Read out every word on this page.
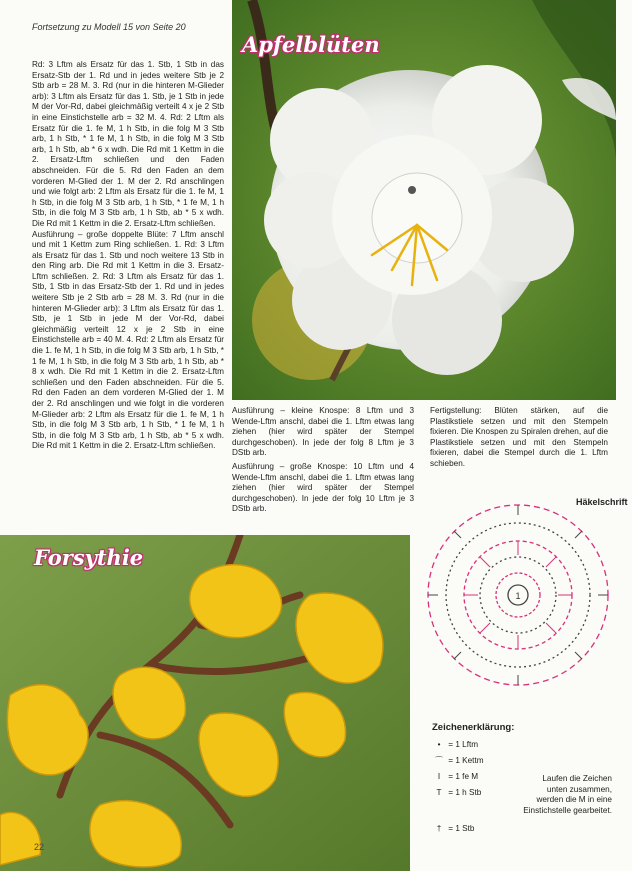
Fortsetzung zu Modell 15 von Seite 20
Rd: 3 Lftm als Ersatz für das 1. Stb, 1 Stb in das Ersatz-Stb der 1. Rd und in jedes weitere Stb je 2 Stb arb = 28 M. 3. Rd (nur in die hinteren M-Glieder arb): 3 Lftm als Ersatz für das 1. Stb, je 1 Stb in jede M der Vor-Rd, dabei gleichmäßig verteilt 4 x je 2 Stb in eine Einstichstelle arb = 32 M. 4. Rd: 2 Lftm als Ersatz für die 1. fe M, 1 h Stb, in die folg M 3 Stb arb, 1 h Stb, * 1 fe M, 1 h Stb, in die folg M 3 Stb arb, 1 h Stb, ab * 6 x wdh. Die Rd mit 1 Kettm in die 2. Ersatz-Lftm schließen und den Faden abschneiden. Für die 5. Rd den Faden an dem vorderen M-Glied der 1. M der 2. Rd anschlingen und wie folgt arb: 2 Lftm als Ersatz für die 1. fe M, 1 h Stb, in die folg M 3 Stb arb, 1 h Stb, * 1 fe M, 1 h Stb, in die folg M 3 Stb arb, 1 h Stb, ab * 5 x wdh. Die Rd mit 1 Kettm in die 2. Ersatz-Lftm schließen.
Ausführung – große doppelte Blüte: 7 Lftm anschl und mit 1 Kettm zum Ring schließen. 1. Rd: 3 Lftm als Ersatz für das 1. Stb und noch weitere 13 Stb in den Ring arb. Die Rd mit 1 Kettm in die 3. Ersatz-Lftm schließen. 2. Rd: 3 Lftm als Ersatz für das 1. Stb, 1 Stb in das Ersatz-Stb der 1. Rd und in jedes weitere Stb je 2 Stb arb = 28 M. 3. Rd (nur in die hinteren M-Glieder arb): 3 Lftm als Ersatz für das 1. Stb, je 1 Stb in jede M der Vor-Rd, dabei gleichmäßig verteilt 12 x je 2 Stb in eine Einstichstelle arb = 40 M. 4. Rd: 2 Lftm als Ersatz für die 1. fe M, 1 h Stb, in die folg M 3 Stb arb, 1 h Stb, * 1 fe M, 1 h Stb, in die folg M 3 Stb arb, 1 h Stb, ab * 8 x wdh. Die Rd mit 1 Kettm in die 2. Ersatz-Lftm schließen und den Faden abschneiden. Für die 5. Rd den Faden an dem vorderen M-Glied der 1. M der 2. Rd anschlingen und wie folgt in die vorderen M-Glieder arb: 2 Lftm als Ersatz für die 1. fe M, 1 h Stb, in die folg M 3 Stb arb, 1 h Stb, * 1 fe M, 1 h Stb, in die folg M 3 Stb arb, 1 h Stb, ab * 5 x wdh. Die Rd mit 1 Kettm in die 2. Ersatz-Lftm schließen.
Apfelblüten
Ausführung – kleine Knospe: 8 Lftm und 3 Wende-Lftm anschl, dabei die 1. Lftm etwas lang ziehen (hier wird später der Stempel durchgeschoben). In jede der folg 8 Lftm je 3 DStb arb.
Ausführung – große Knospe: 10 Lftm und 4 Wende-Lftm anschl, dabei die 1. Lftm etwas lang ziehen (hier wird später der Stempel durchgeschoben). In jede der folg 10 Lftm je 3 DStb arb.
Fertigstellung: Blüten stärken, auf die Plastikstiele setzen und mit den Stempeln fixieren. Die Knospen zu Spiralen drehen, auf die Plastikstiele setzen und mit den Stempeln fixieren, dabei die Stempel durch die 1. Lftm schieben.
Forsythie
Häkelschrift
1
Zeichenerklärung:
• = 1 Lftm
⌒ = 1 Kettm
I = 1 fe M
T = 1 h Stb
† = 1 Stb
Laufen die Zeichen unten zusammen, werden die M in eine Einstichstelle gearbeitet.
22
